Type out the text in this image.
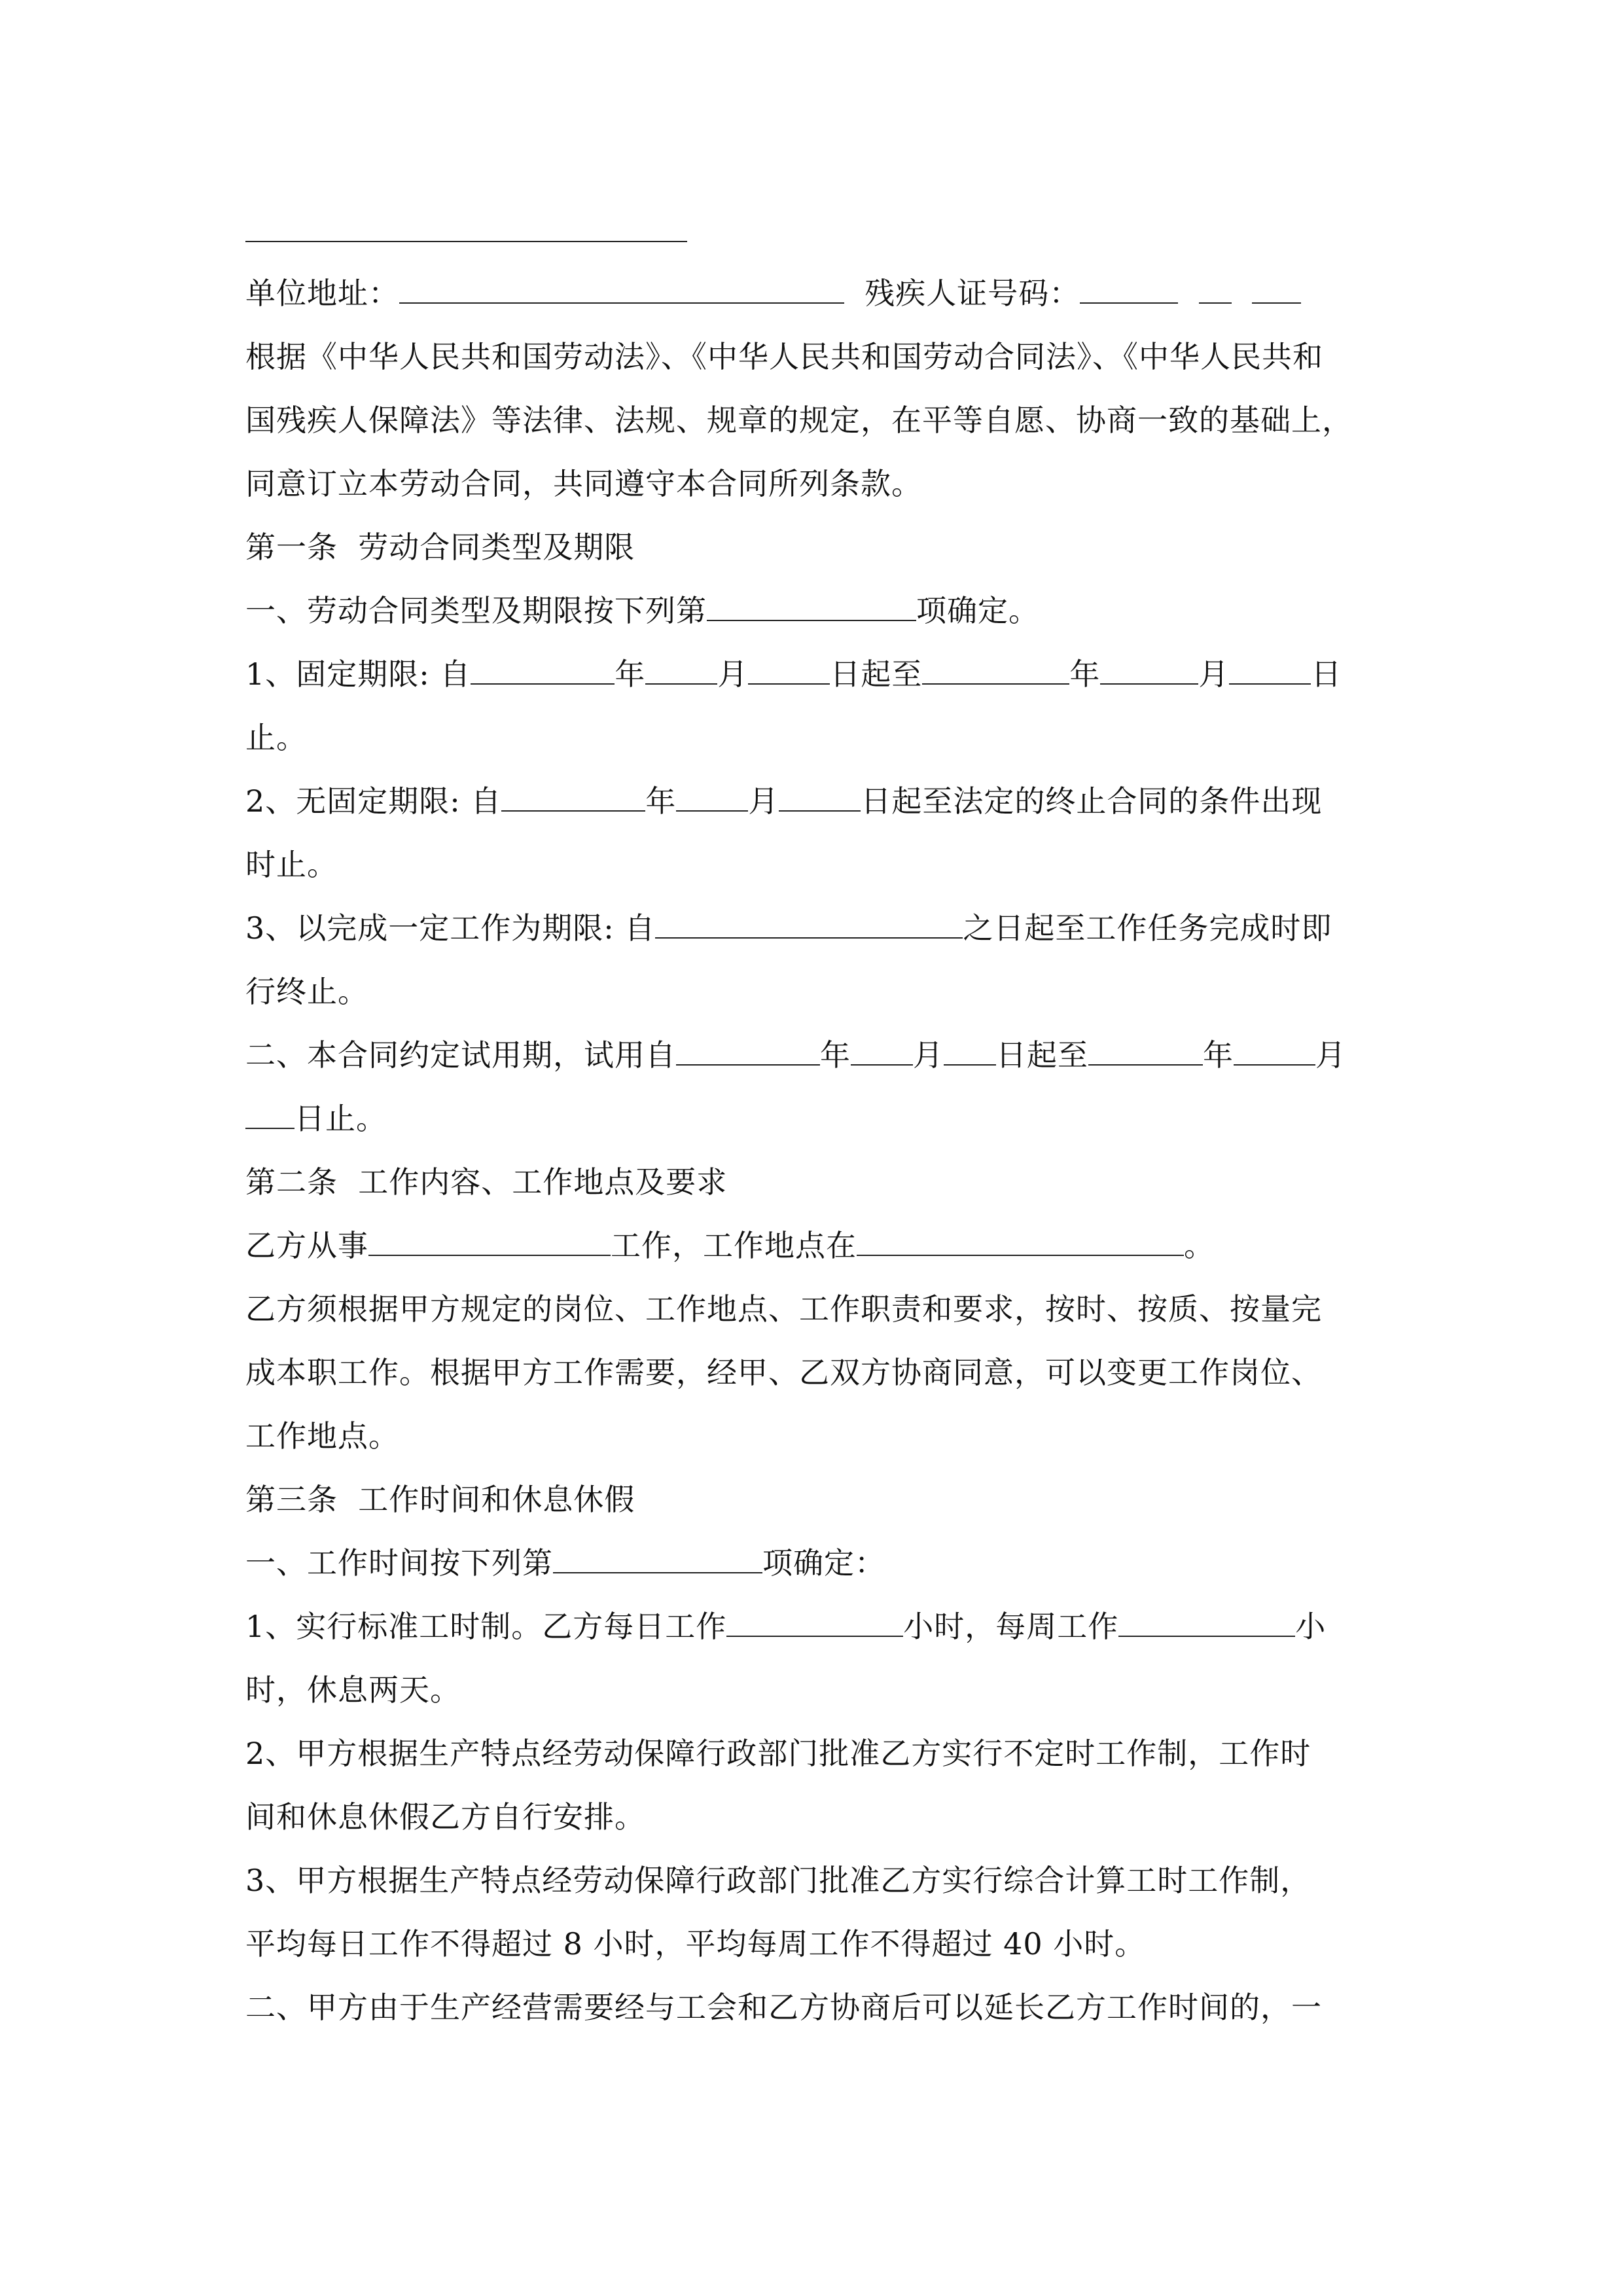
单位地址：	残疾人证号码：
根据《中华人民共和国劳动法》、《中华人民共和国劳动合同法》、《中华人民共和
国残疾人保障法》等法律、法规、规章的规定，在平等自愿、协商一致的基础上，
同意订立本劳动合同，共同遵守本合同所列条款。
第一条  劳动合同类型及期限
一、劳动合同类型及期限按下列第	项确定。
1、固定期限: 自	年 月	日起至	年	月	日
止。
2、无固定期限: 自	年 月	日起至法定的终止合同的条件出现
时止。
3、以完成一定工作为期限: 自	之日起至工作任务完成时即
行终止。
二、本合同约定试用期，试用自	年 月 日起至	年	月
日止。
第二条  工作内容、工作地点及要求
乙方从事	工作，工作地点在	。
乙方须根据甲方规定的岗位、工作地点、工作职责和要求，按时、按质、按量完
成本职工作。根据甲方工作需要，经甲、乙双方协商同意，可以变更工作岗位、
工作地点。
第三条  工作时间和休息休假
一、工作时间按下列第	项确定：
1、实行标准工时制。乙方每日工作	小时，每周工作	小
时，休息两天。
2、甲方根据生产特点经劳动保障行政部门批准乙方实行不定时工作制，工作时
间和休息休假乙方自行安排。
3、甲方根据生产特点经劳动保障行政部门批准乙方实行综合计算工时工作制，
平均每日工作不得超过 8 小时，平均每周工作不得超过 40 小时。
二、甲方由于生产经营需要经与工会和乙方协商后可以延长乙方工作时间的，一
